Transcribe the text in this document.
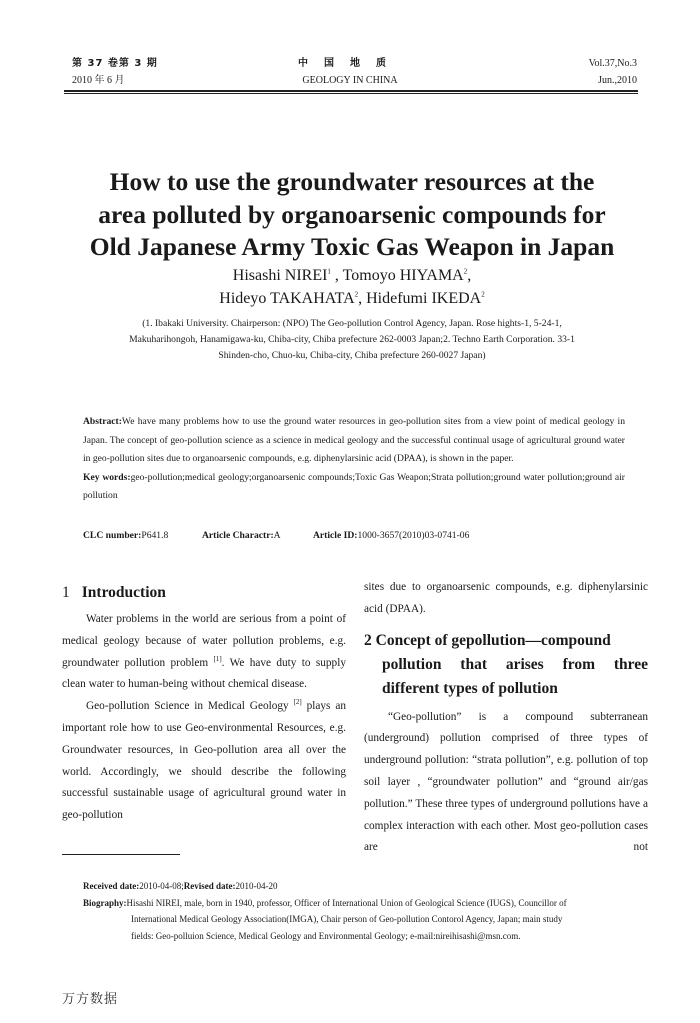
第 37 卷第 3 期
2010 年 6 月
中国地质
GEOLOGY IN CHINA
Vol.37,No.3
Jun.,2010
How to use the groundwater resources at the
area polluted by organoarsenic compounds for
Old Japanese Army Toxic Gas Weapon in Japan
Hisashi NIREI$^1$ , Tomoyo HIYAMA$^2$,
Hideyo TAKAHATA$^2$, Hidefumi IKEDA$^2$
(1. Ibakaki University. Chairperson: (NPO) The Geo-pollution Control Agency, Japan. Rose hights-1, 5-24-1,
Makuharihongoh, Hanamigawa-ku, Chiba-city, Chiba prefecture 262-0003 Japan;2. Techno Earth Corporation. 33-1
Shinden-cho, Chuo-ku, Chiba-city, Chiba prefecture 260-0027 Japan)
Abstract:We have many problems how to use the ground water resources in geo-pollution sites from a view point of medical geology in Japan. The concept of geo-pollution science as a science in medical geology and the successful continual usage of agricultural ground water in geo-pollution sites due to organoarsenic compounds, e.g. diphenylarsinic acid (DPAA), is shown in the paper.
Key words:geo-pollution;medical geology;organoarsenic compounds;Toxic Gas Weapon;Strata pollution;ground water pollution;ground air pollution
CLC number:P641.8	Article Charactr:A	Article ID:1000-3657(2010)03-0741-06

1 Introduction

Water problems in the world are serious from a point of medical geology because of water pollution problems, e.g. groundwater pollution problem [1]. We have duty to supply clean water to human-being without chemical disease.

Geo-pollution Science in Medical Geology [2] plays an important role how to use Geo-environmental Resources, e.g. Groundwater resources, in Geo-pollution area all over the world. Accordingly, we should describe the following successful sustainable usage of agricultural ground water in geo-pollution

sites due to organoarsenic compounds, e.g. diphenylarsinic acid (DPAA).

2 Concept of gepollution—compound
pollution that arises from three
different types of pollution

“Geo-pollution” is a compound subterranean (underground) pollution comprised of three types of underground pollution: “strata pollution”, e.g. pollution of top soil layer , “groundwater pollution” and “ground air/gas pollution.” These three types of underground pollutions have a complex interaction with each other. Most geo-pollution cases are not

Received date:2010-04-08;Revised date:2010-04-20
Biography:Hisashi NIREI, male, born in 1940, professor, Officer of International Union of Geological Science (IUGS), Councillor of
International Medical Geology Association(IMGA), Chair person of Geo-pollution Contorol Agency, Japan; main study
fields: Geo-polluion Science, Medical Geology and Environmental Geology; e-mail:nireihisashi@msn.com.
万方数据
